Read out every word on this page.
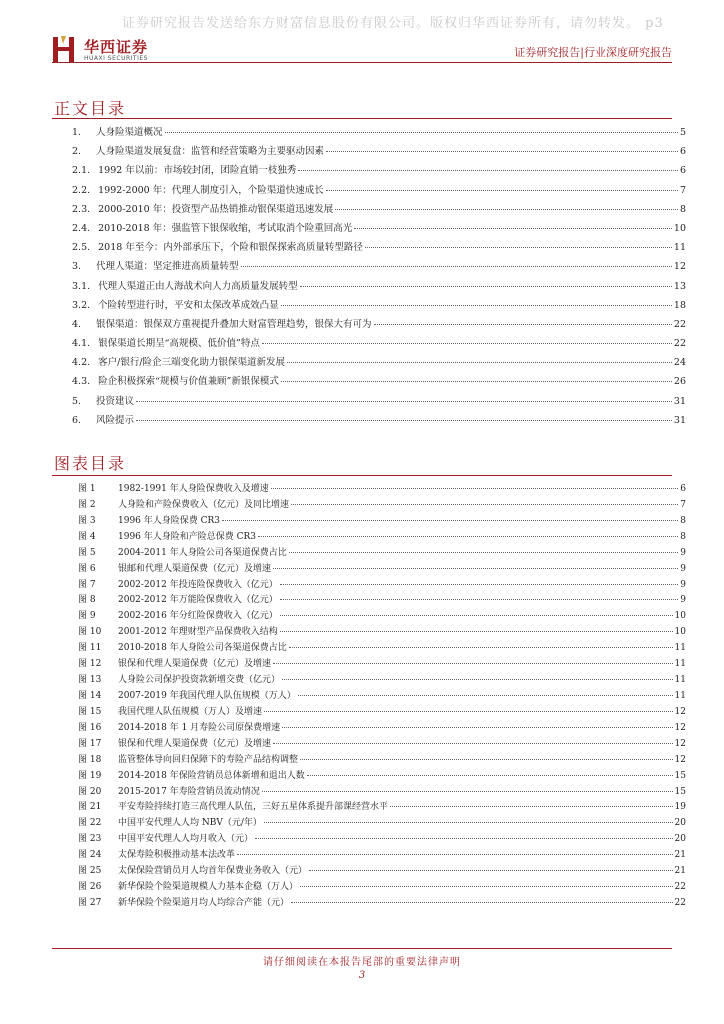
证券研究报告发送给东方财富信息股份有限公司。版权归华西证券所有，请勿转发。 p3
华西证券
HUAXI SECURITIES	证券研究报告|行业深度研究报告
正文目录
1.	人身险渠道概况	5
2.	人身险渠道发展复盘：监管和经营策略为主要驱动因素	6
2.1. 1992 年以前：市场较封闭，团险直销一枝独秀	6
2.2. 1992-2000 年：代理人制度引入，个险渠道快速成长	7
2.3. 2000-2010 年：投资型产品热销推动银保渠道迅速发展	8
2.4. 2010-2018 年：强监管下银保收缩，考试取消个险重回高光	10
2.5. 2018 年至今：内外部承压下，个险和银保探索高质量转型路径	11
3.	代理人渠道：坚定推进高质量转型	12
3.1. 代理人渠道正由人海战术向人力高质量发展转型	13
3.2. 个险转型进行时，平安和太保改革成效凸显	18
4.	银保渠道：银保双方重视提升叠加大财富管理趋势，银保大有可为	22
4.1. 银保渠道长期呈“高规模、低价值”特点	22
4.2. 客户/银行/险企三端变化助力银保渠道新发展	24
4.3. 险企积极探索“规模与价值兼顾”新银保模式	26
5.	投资建议	31
6.	风险提示	31
图表目录
图 1	1982-1991 年人身险保费收入及增速	6
图 2	人身险和产险保费收入（亿元）及同比增速	7
图 3	1996 年人身险保费 CR3	8
图 4	1996 年人身险和产险总保费 CR3	8
图 5	2004-2011 年人身险公司各渠道保费占比	9
图 6	银邮和代理人渠道保费（亿元）及增速	9
图 7	2002-2012 年投连险保费收入（亿元）	9
图 8	2002-2012 年万能险保费收入（亿元）	9
图 9	2002-2016 年分红险保费收入（亿元）	10
图 10	2001-2012 年理财型产品保费收入结构	10
图 11	2010-2018 年人身险公司各渠道保费占比	11
图 12	银保和代理人渠道保费（亿元）及增速	11
图 13	人身险公司保护投资款新增交费（亿元）	11
图 14	2007-2019 年我国代理人队伍规模（万人）	11
图 15	我国代理人队伍规模（万人）及增速	12
图 16	2014-2018 年 1 月寿险公司原保费增速	12
图 17	银保和代理人渠道保费（亿元）及增速	12
图 18	监管整体导向回归保障下的寿险产品结构调整	12
图 19	2014-2018 年保险营销员总体新增和退出人数	15
图 20	2015-2017 年寿险营销员流动情况	15
图 21	平安寿险持续打造三高代理人队伍，三好五星体系提升部课经营水平	19
图 22	中国平安代理人人均 NBV（元/年）	20
图 23	中国平安代理人人均月收入（元）	20
图 24	太保寿险积极推动基本法改革	21
图 25	太保保险营销员月人均首年保费业务收入（元）	21
图 26	新华保险个险渠道规模人力基本企稳（万人）	22
图 27	新华保险个险渠道月均人均综合产能（元）	22
请仔细阅读在本报告尾部的重要法律声明
3
